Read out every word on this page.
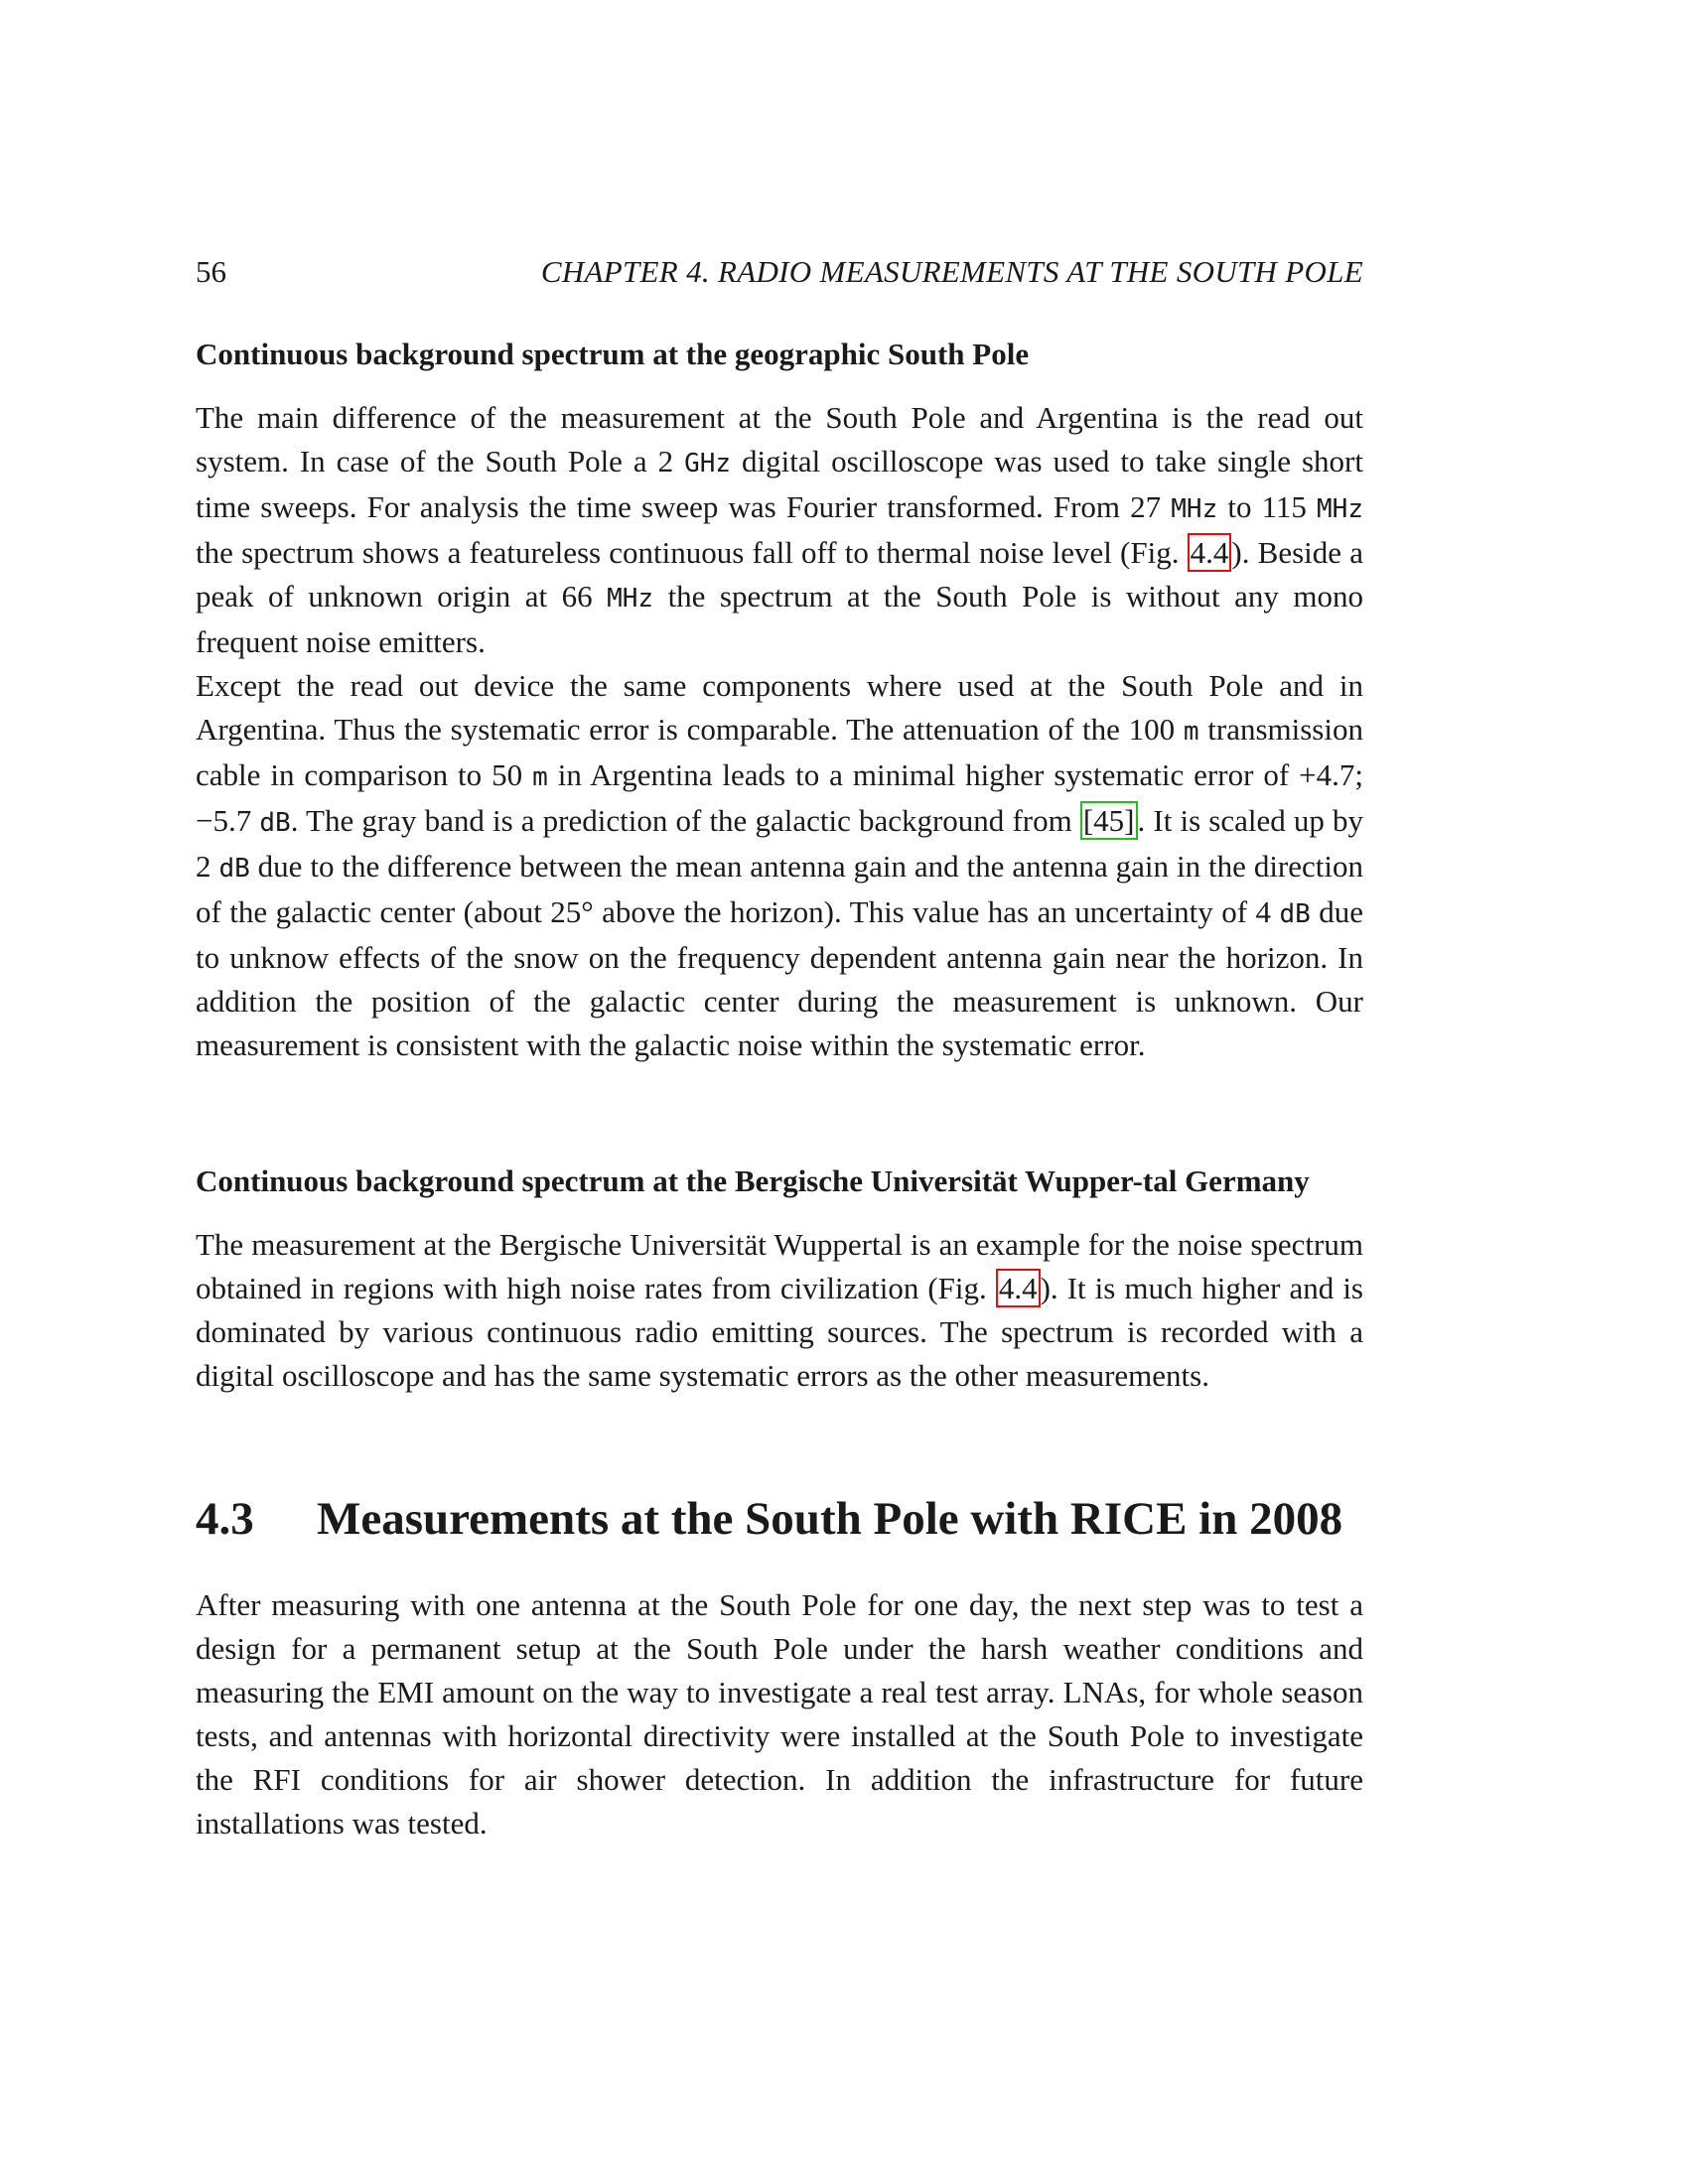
56	CHAPTER 4. RADIO MEASUREMENTS AT THE SOUTH POLE
Continuous background spectrum at the geographic South Pole

The main difference of the measurement at the South Pole and Argentina is the read out system. In case of the South Pole a 2 GHz digital oscilloscope was used to take single short time sweeps. For analysis the time sweep was Fourier transformed. From 27 MHz to 115 MHz the spectrum shows a featureless continuous fall off to thermal noise level (Fig. 4.4). Beside a peak of unknown origin at 66 MHz the spectrum at the South Pole is without any mono frequent noise emitters.

Except the read out device the same components where used at the South Pole and in Argentina. Thus the systematic error is comparable. The attenuation of the 100 m transmission cable in comparison to 50 m in Argentina leads to a minimal higher systematic error of +4.7; −5.7 dB. The gray band is a prediction of the galactic background from [45]. It is scaled up by 2 dB due to the difference between the mean antenna gain and the antenna gain in the direction of the galactic center (about 25° above the horizon). This value has an uncertainty of 4 dB due to unknow effects of the snow on the frequency dependent antenna gain near the horizon. In addition the position of the galactic center during the measurement is unknown. Our measurement is consistent with the galactic noise within the systematic error.

Continuous background spectrum at the Bergische Universität Wupper-tal Germany

The measurement at the Bergische Universität Wuppertal is an example for the noise spectrum obtained in regions with high noise rates from civilization (Fig. 4.4). It is much higher and is dominated by various continuous radio emitting sources. The spectrum is recorded with a digital oscilloscope and has the same systematic errors as the other measurements.

4.3	Measurements at the South Pole with RICE in 2008

After measuring with one antenna at the South Pole for one day, the next step was to test a design for a permanent setup at the South Pole under the harsh weather conditions and measuring the EMI amount on the way to investigate a real test array. LNAs, for whole season tests, and antennas with horizontal directivity were installed at the South Pole to investigate the RFI conditions for air shower detection. In addition the infrastructure for future installations was tested.
